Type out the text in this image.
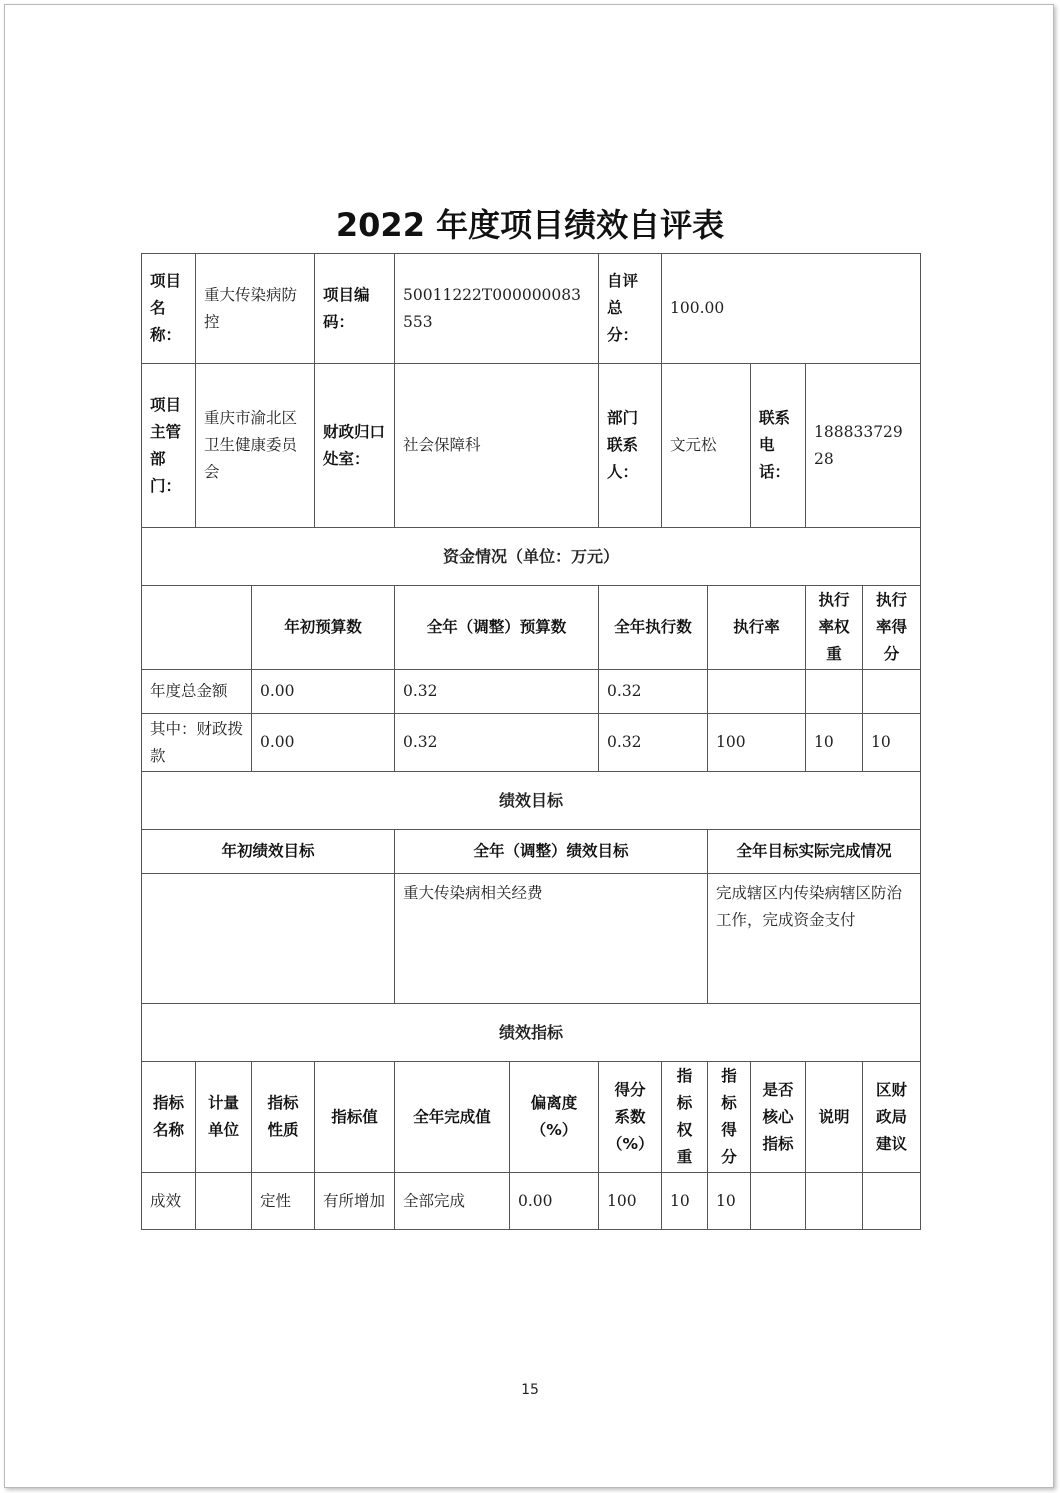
2022 年度项目绩效自评表
项目名称：	重大传染病防控		项目编码：	50011222T000000083553		自评总分：	100.00				
项目主管部门：	重庆市渝北区卫生健康委员会		财政归口处室：	社会保障科		部门联系人：	文元松		联系电话：	18883372928	
资金情况（单位：万元）											
		年初预算数		全年（调整）预算数		全年执行数		执行率		执行率权重	执行率得分
年度总金额		0.00		0.32		0.32					
其中：财政拨款		0.00		0.32		0.32		100		10	10
绩效目标											
年初绩效目标				全年（调整）绩效目标				全年目标实际完成情况			
				重大传染病相关经费				完成辖区内传染病辖区防治工作，完成资金支付			
绩效指标											
指标名称	计量单位	指标性质	指标值	全年完成值	偏离度（%）	得分系数（%）	指标权重	指标得分	是否核心指标	说明	区财政局建议
成效		定性	有所增加	全部完成	0.00	100	10	10			
15
